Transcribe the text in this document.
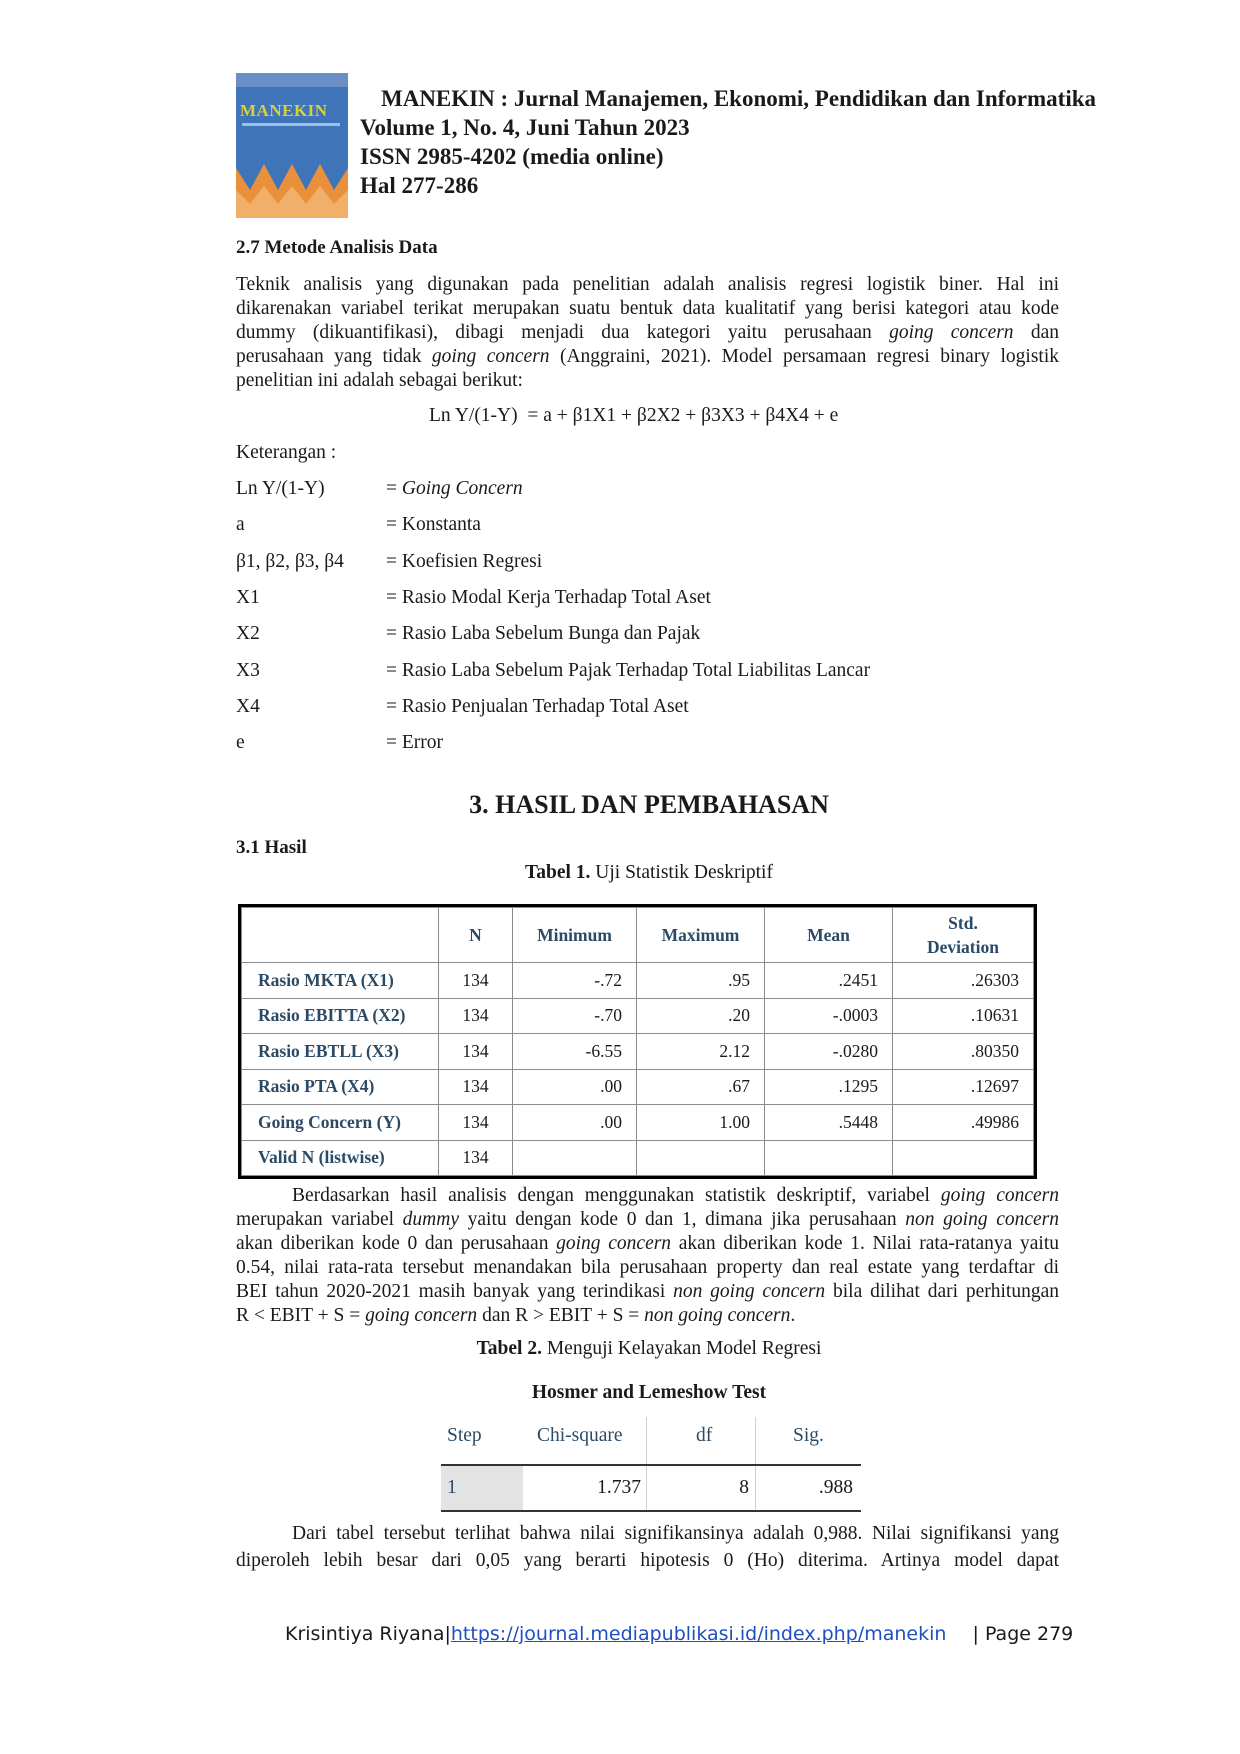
MANEKIN MANEKIN : Jurnal Manajemen, Ekonomi, Pendidikan dan Informatika
Volume 1, No. 4, Juni Tahun 2023
ISSN 2985-4202 (media online)
Hal 277-286
2.7 Metode Analisis Data
Teknik analisis yang digunakan pada penelitian adalah analisis regresi logistik biner. Hal ini
dikarenakan variabel terikat merupakan suatu bentuk data kualitatif yang berisi kategori atau kode
dummy (dikuantifikasi), dibagi menjadi dua kategori yaitu perusahaan going concern dan
perusahaan yang tidak going concern (Anggraini, 2021). Model persamaan regresi binary logistik
penelitian ini adalah sebagai berikut:
Ln Y/(1-Y)  = a + β1X1 + β2X2 + β3X3 + β4X4 + e
Keterangan :
Ln Y/(1-Y)	= Going Concern
a	= Konstanta
β1, β2, β3, β4 = Koefisien Regresi
X1	= Rasio Modal Kerja Terhadap Total Aset
X2	= Rasio Laba Sebelum Bunga dan Pajak
X3	= Rasio Laba Sebelum Pajak Terhadap Total Liabilitas Lancar
X4	= Rasio Penjualan Terhadap Total Aset
e	= Error
3. HASIL DAN PEMBAHASAN
3.1 Hasil
Tabel 1. Uji Statistik Deskriptif
	N	Minimum	Maximum	Mean	Std. Deviation
Rasio MKTA (X1)	134	-.72	.95	.2451	.26303
Rasio EBITTA (X2)	134	-.70	.20	-.0003	.10631
Rasio EBTLL (X3)	134	-6.55	2.12	-.0280	.80350
Rasio PTA (X4)	134	.00	.67	.1295	.12697
Going Concern (Y)	134	.00	1.00	.5448	.49986
Valid N (listwise)	134				
Berdasarkan hasil analisis dengan menggunakan statistik deskriptif, variabel going concern
merupakan variabel dummy yaitu dengan kode 0 dan 1, dimana jika perusahaan non going concern
akan diberikan kode 0 dan perusahaan going concern akan diberikan kode 1. Nilai rata-ratanya yaitu
0.54, nilai rata-rata tersebut menandakan bila perusahaan property dan real estate yang terdaftar di
BEI tahun 2020-2021 masih banyak yang terindikasi non going concern bila dilihat dari perhitungan
R < EBIT + S = going concern dan R > EBIT + S = non going concern.
Tabel 2. Menguji Kelayakan Model Regresi
Hosmer and Lemeshow Test
Step	Chi-square	df	Sig.
1	1.737	8	.988
Dari tabel tersebut terlihat bahwa nilai signifikansinya adalah 0,988. Nilai signifikansi yang
diperoleh lebih besar dari 0,05 yang berarti hipotesis 0 (Ho) diterima. Artinya model dapat
Krisintiya Riyana|https://journal.mediapublikasi.id/index.php/manekin | Page 279
